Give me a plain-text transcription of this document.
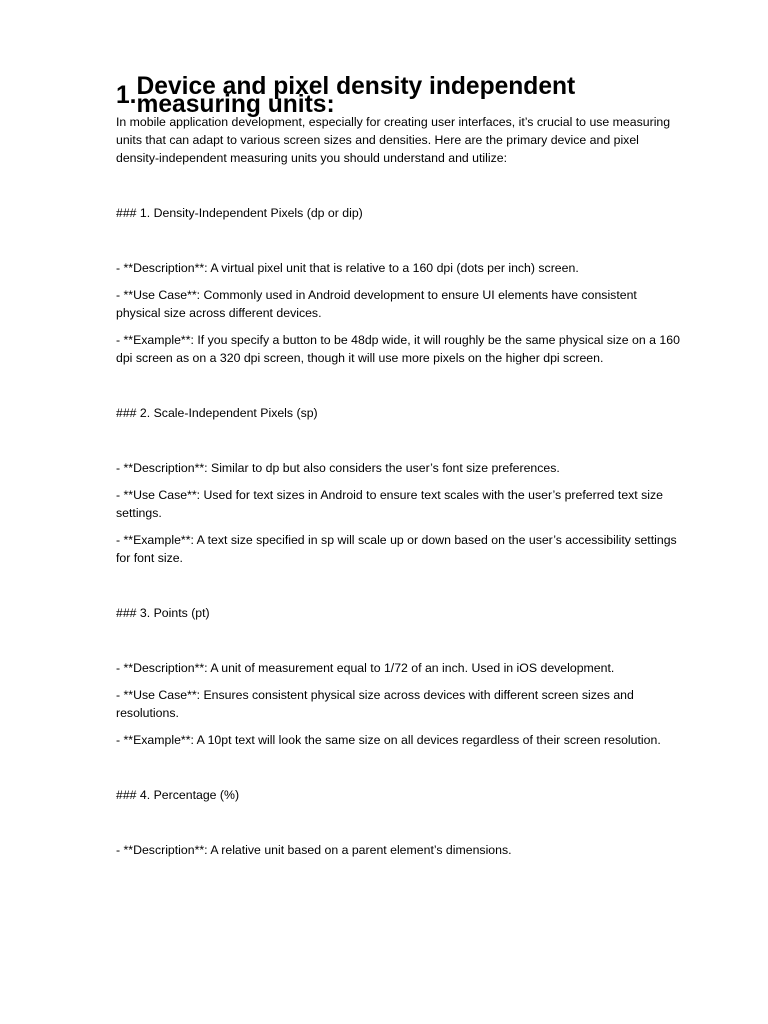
1. Device and pixel density independent measuring units:

In mobile application development, especially for creating user interfaces, it’s crucial to use measuring units that can adapt to various screen sizes and densities. Here are the primary device and pixel density-independent measuring units you should understand and utilize:

### 1. Density-Independent Pixels (dp or dip)

- **Description**: A virtual pixel unit that is relative to a 160 dpi (dots per inch) screen.

- **Use Case**: Commonly used in Android development to ensure UI elements have consistent physical size across different devices.

- **Example**: If you specify a button to be 48dp wide, it will roughly be the same physical size on a 160 dpi screen as on a 320 dpi screen, though it will use more pixels on the higher dpi screen.

### 2. Scale-Independent Pixels (sp)

- **Description**: Similar to dp but also considers the user’s font size preferences.

- **Use Case**: Used for text sizes in Android to ensure text scales with the user’s preferred text size settings.

- **Example**: A text size specified in sp will scale up or down based on the user’s accessibility settings for font size.

### 3. Points (pt)

- **Description**: A unit of measurement equal to 1/72 of an inch. Used in iOS development.

- **Use Case**: Ensures consistent physical size across devices with different screen sizes and resolutions.

- **Example**: A 10pt text will look the same size on all devices regardless of their screen resolution.

### 4. Percentage (%)

- **Description**: A relative unit based on a parent element’s dimensions.
